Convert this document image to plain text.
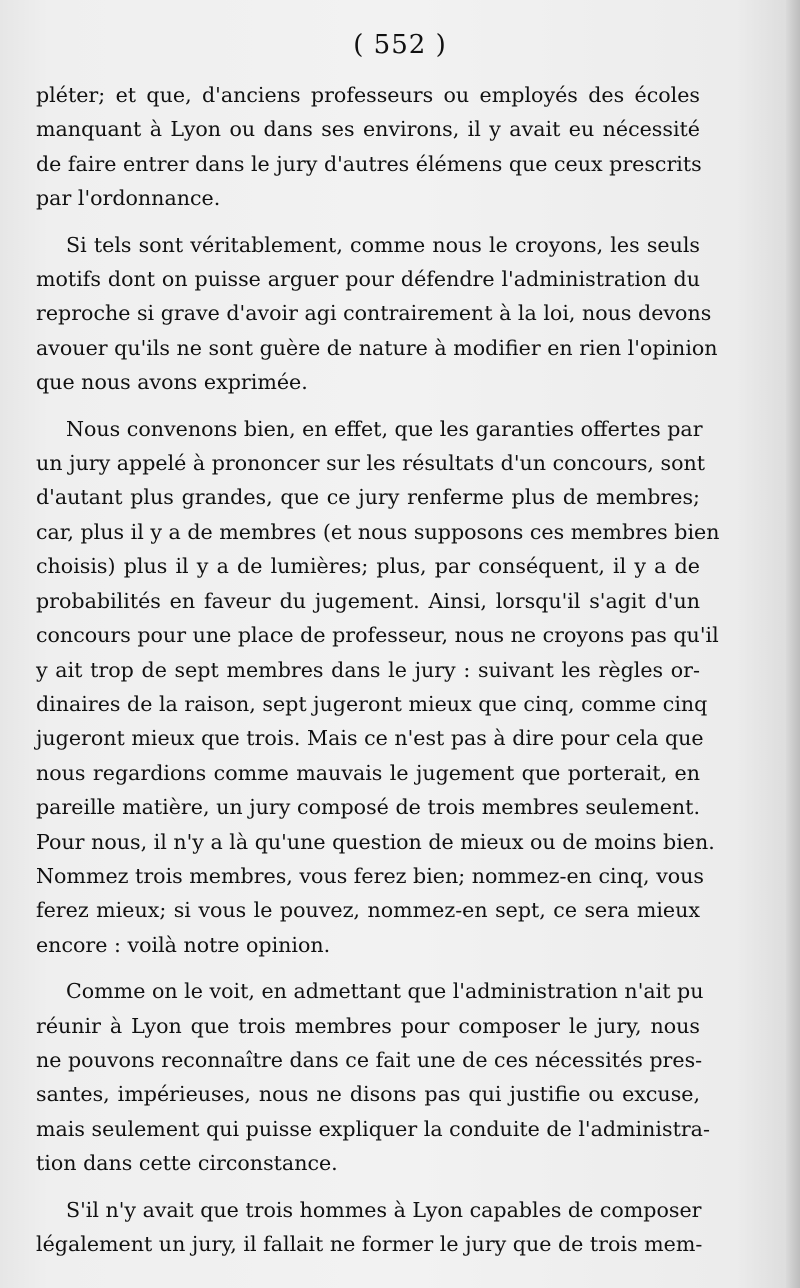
( 552 )

pléter; et que, d'anciens professeurs ou employés des écoles
manquant à Lyon ou dans ses environs, il y avait eu nécessité
de faire entrer dans le jury d'autres élémens que ceux prescrits
par l'ordonnance.

Si tels sont véritablement, comme nous le croyons, les seuls
motifs dont on puisse arguer pour défendre l'administration du
reproche si grave d'avoir agi contrairement à la loi, nous devons
avouer qu'ils ne sont guère de nature à modifier en rien l'opinion
que nous avons exprimée.

Nous convenons bien, en effet, que les garanties offertes par
un jury appelé à prononcer sur les résultats d'un concours, sont
d'autant plus grandes, que ce jury renferme plus de membres;
car, plus il y a de membres (et nous supposons ces membres bien
choisis) plus il y a de lumières; plus, par conséquent, il y a de
probabilités en faveur du jugement. Ainsi, lorsqu'il s'agit d'un
concours pour une place de professeur, nous ne croyons pas qu'il
y ait trop de sept membres dans le jury : suivant les règles or-
dinaires de la raison, sept jugeront mieux que cinq, comme cinq
jugeront mieux que trois. Mais ce n'est pas à dire pour cela que
nous regardions comme mauvais le jugement que porterait, en
pareille matière, un jury composé de trois membres seulement.
Pour nous, il n'y a là qu'une question de mieux ou de moins bien.
Nommez trois membres, vous ferez bien; nommez-en cinq, vous
ferez mieux; si vous le pouvez, nommez-en sept, ce sera mieux
encore : voilà notre opinion.

Comme on le voit, en admettant que l'administration n'ait pu
réunir à Lyon que trois membres pour composer le jury, nous
ne pouvons reconnaître dans ce fait une de ces nécessités pres-
santes, impérieuses, nous ne disons pas qui justifie ou excuse,
mais seulement qui puisse expliquer la conduite de l'administra-
tion dans cette circonstance.

S'il n'y avait que trois hommes à Lyon capables de composer
légalement un jury, il fallait ne former le jury que de trois mem-
